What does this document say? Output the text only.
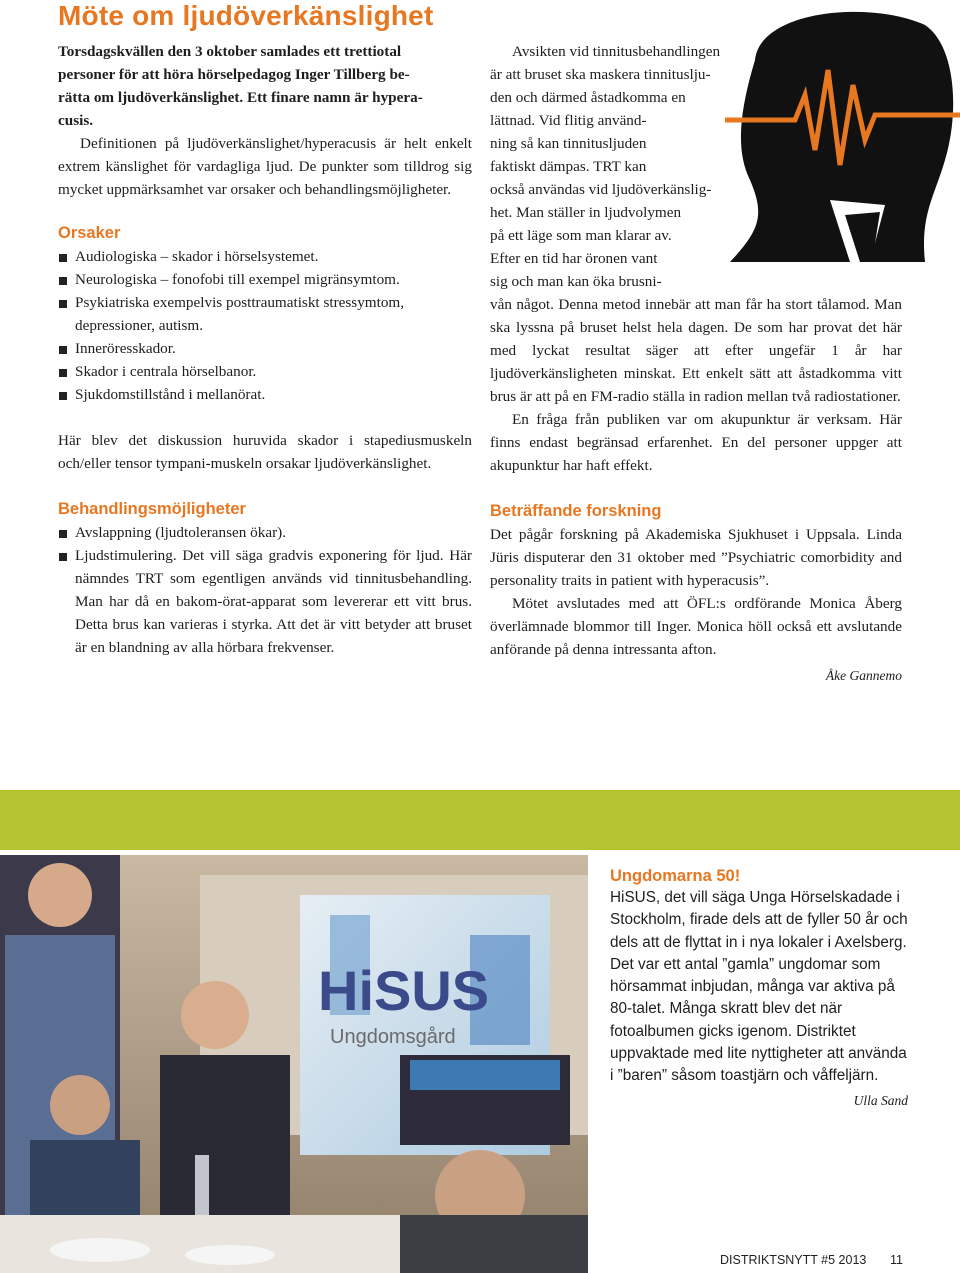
Möte om ljudöverkänslighet

Torsdagskvällen den 3 oktober samlades ett trettiotal
personer för att höra hörselpedagog Inger Tillberg be-
rätta om ljudöverkänslighet. Ett finare namn är hypera-
cusis.

Definitionen på ljudöverkänslighet/hyperacusis är helt enkelt extrem känslighet för vardagliga ljud. De punkter som tilldrog sig mycket uppmärksamhet var orsaker och behandlingsmöjligheter.

Orsaker
Audiologiska – skador i hörselsystemet.
Neurologiska – fonofobi till exempel migränsymtom.
Psykiatriska exempelvis posttraumatiskt stressymtom, depressioner, autism.
Inneröresskador.
Skador i centrala hörselbanor.
Sjukdomstillstånd i mellanörat.

Här blev det diskussion huruvida skador i stapediusmuskeln och/eller tensor tympani-muskeln orsakar ljudöverkänslighet.

Behandlingsmöjligheter
Avslappning (ljudtoleransen ökar).
Ljudstimulering. Det vill säga gradvis exponering för ljud. Här nämndes TRT som egentligen används vid tinnitusbehandling. Man har då en bakom-örat-apparat som levererar ett vitt brus. Detta brus kan varieras i styrka. Att det är vitt betyder att bruset är en blandning av alla hörbara frekvenser.

Avsikten vid tinnitusbehandlingen

är att bruset ska maskera tinnituslju-

den och därmed åstadkomma en

lättnad. Vid flitig använd-

ning så kan tinnitusljuden

faktiskt dämpas. TRT kan

också användas vid ljudöverkänslig-

het. Man ställer in ljudvolymen

på ett läge som man klarar av.

Efter en tid har öronen vant

sig och man kan öka brusni-

vån något. Denna metod innebär att man får ha stort tålamod. Man ska lyssna på bruset helst hela dagen. De som har provat det här med lyckat resultat säger att efter ungefär 1 år har ljudöverkänsligheten minskat. Ett enkelt sätt att åstadkomma vitt brus är att på en FM-radio ställa in radion mellan två radiostationer.

En fråga från publiken var om akupunktur är verksam. Här finns endast begränsad erfarenhet. En del personer uppger att akupunktur har haft effekt.

Beträffande forskning

Det pågår forskning på Akademiska Sjukhuset i Uppsala. Linda Jüris disputerar den 31 oktober med ”Psychiatric comorbidity and personality traits in patient with hyperacusis”.

Mötet avslutades med att ÖFL:s ordförande Monica Åberg överlämnade blommor till Inger. Monica höll också ett avslutande anförande på denna intressanta afton.

Åke Gannemo
HiSUS
Ungdomsgård
Ungdomarna 50!

HiSUS, det vill säga Unga Hörselskadade i Stockholm, firade dels att de fyller 50 år och dels att de flyttat in i nya lokaler i Axelsberg. Det var ett antal ”gamla” ungdomar som hörsammat inbjudan, många var aktiva på 80-talet. Många skratt blev det när fotoalbumen gicks igenom. Distriktet uppvaktade med lite nyttigheter att använda i ”baren” såsom toastjärn och våffeljärn.

Ulla Sand
DISTRIKTSNYTT #5 2013 11
